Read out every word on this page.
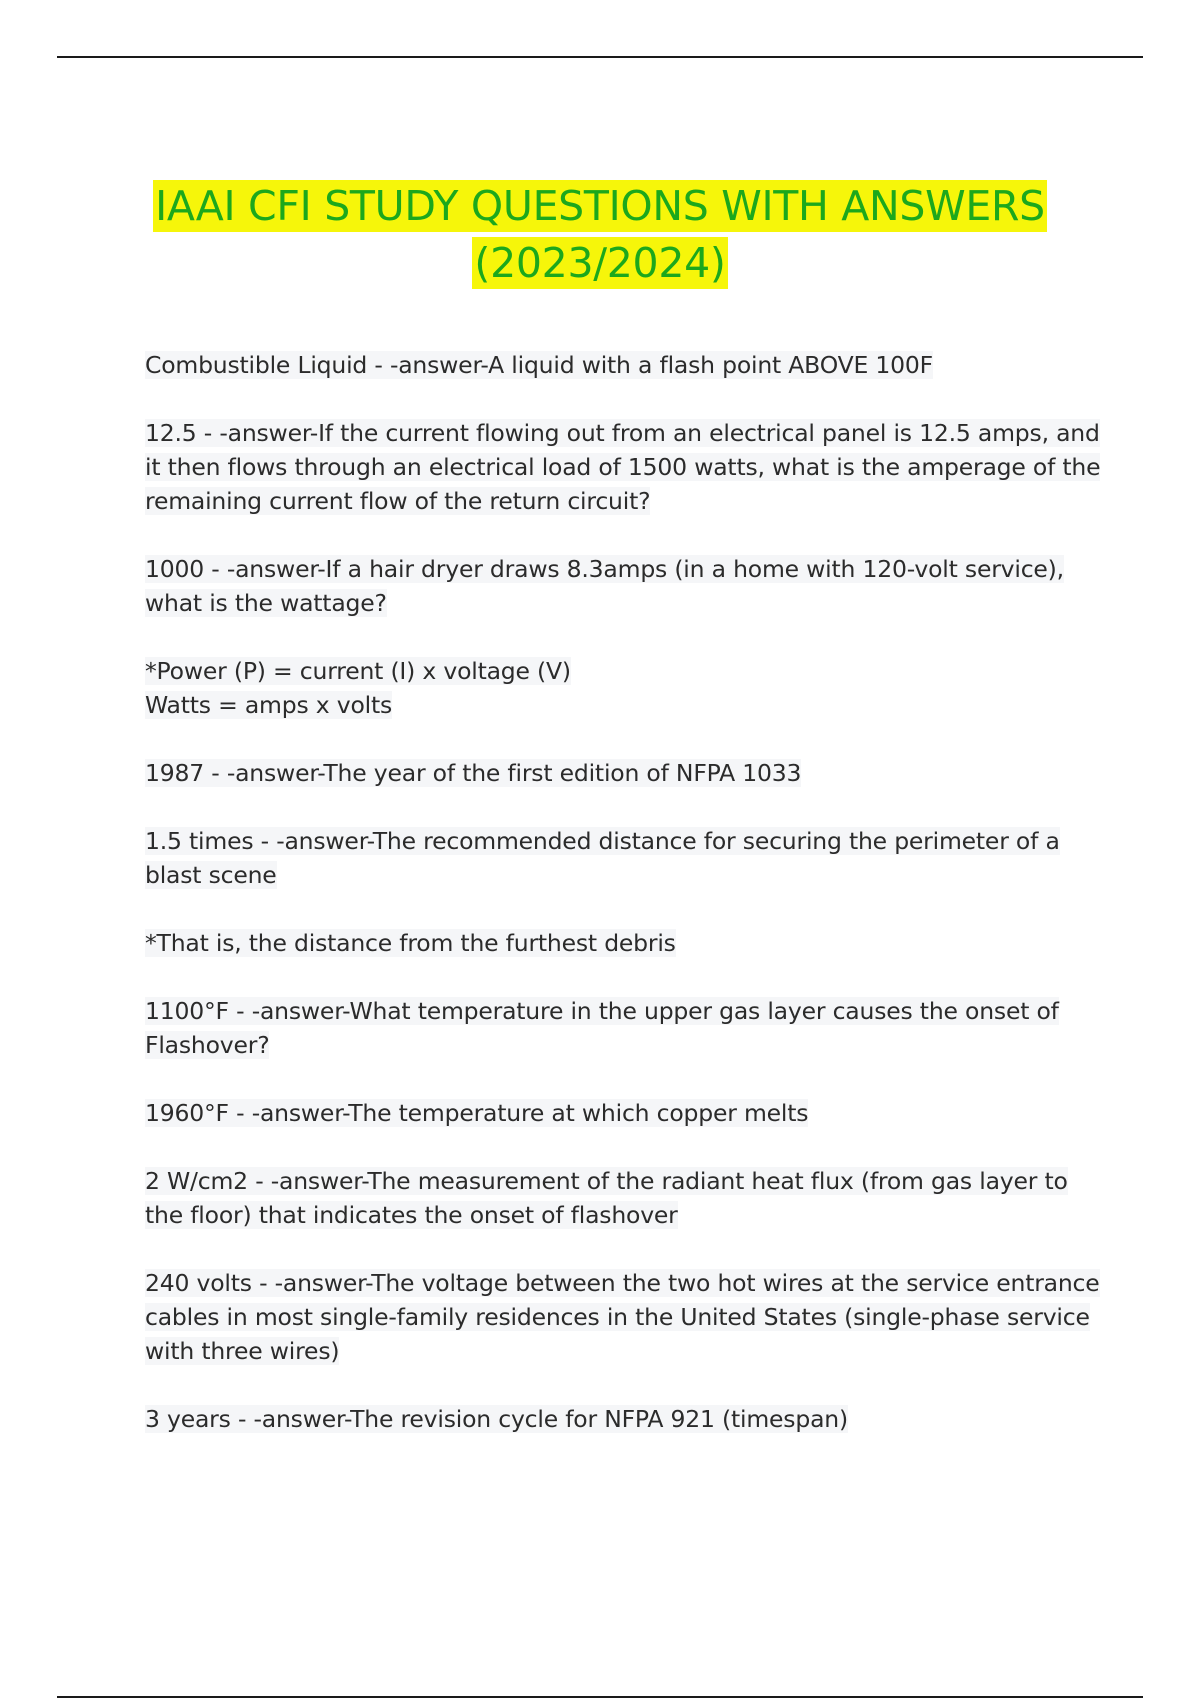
IAAI CFI STUDY QUESTIONS WITH ANSWERS
(2023/2024)
Combustible Liquid - -answer-A liquid with a flash point ABOVE 100F
12.5 - -answer-If the current flowing out from an electrical panel is 12.5 amps, and it then flows through an electrical load of 1500 watts, what is the amperage of the remaining current flow of the return circuit?
1000 - -answer-If a hair dryer draws 8.3amps (in a home with 120-volt service), what is the wattage?
*Power (P) = current (I) x voltage (V)
Watts = amps x volts
1987 - -answer-The year of the first edition of NFPA 1033
1.5 times - -answer-The recommended distance for securing the perimeter of a blast scene
*That is, the distance from the furthest debris
1100°F - -answer-What temperature in the upper gas layer causes the onset of Flashover?
1960°F - -answer-The temperature at which copper melts
2 W/cm2 - -answer-The measurement of the radiant heat flux (from gas layer to the floor) that indicates the onset of flashover
240 volts - -answer-The voltage between the two hot wires at the service entrance cables in most single-family residences in the United States (single-phase service with three wires)
3 years - -answer-The revision cycle for NFPA 921 (timespan)
